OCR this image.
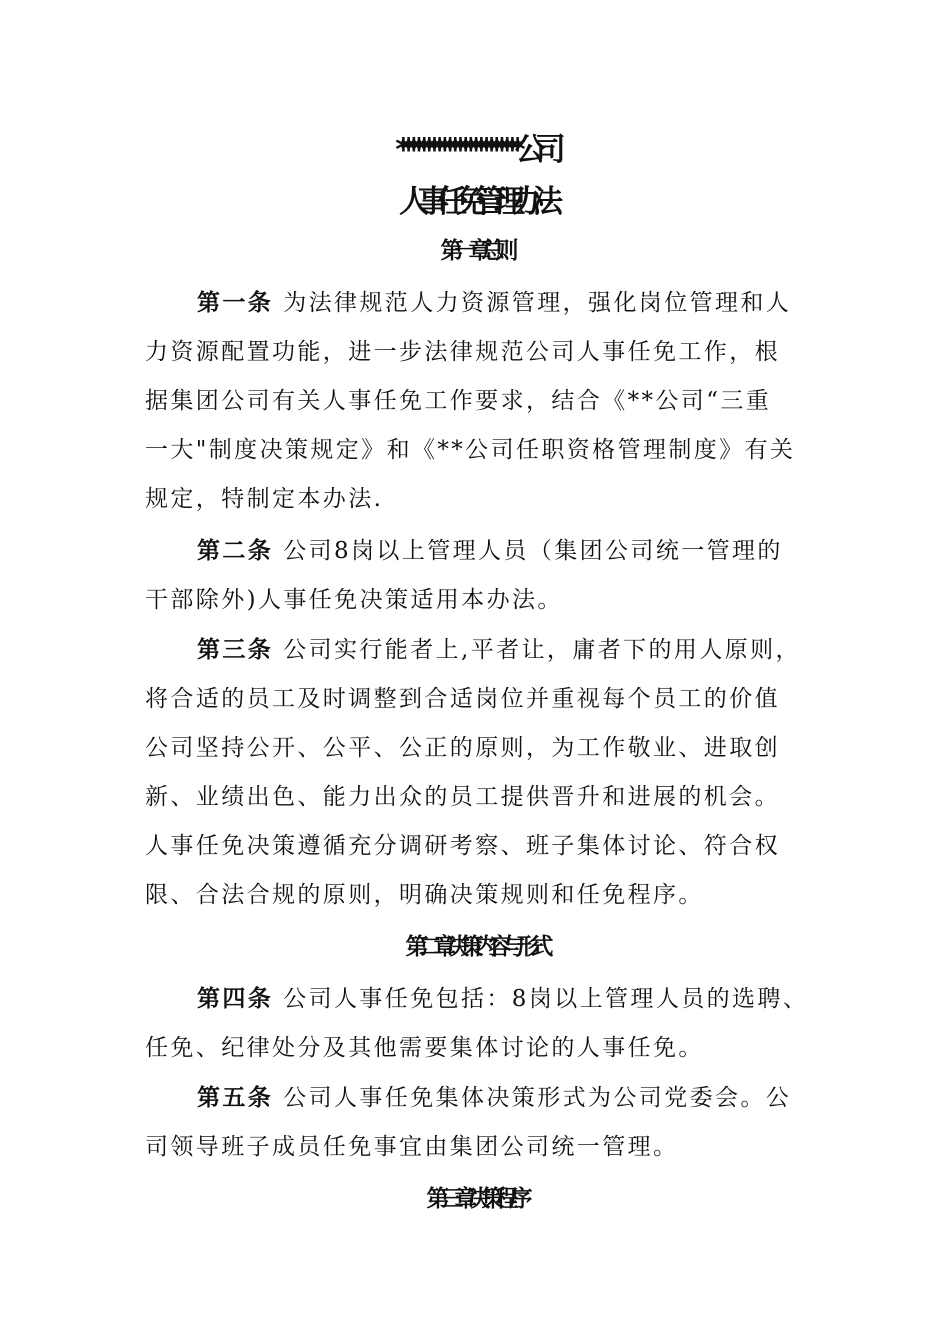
***** ************ ******公司
人事任免管理办法
第一章 总则
第一条 为法律规范人力资源管理，强化岗位管理和人
力资源配置功能，进一步法律规范公司人事任免工作，根
据集团公司有关人事任免工作要求，结合《**公司“三重
一大"制度决策规定》和《**公司任职资格管理制度》有关
规定，特制定本办法.
第二条 公司8岗以上管理人员（集团公司统一管理的
干部除外)人事任免决策适用本办法。
第三条 公司实行能者上,平者让，庸者下的用人原则，
将合适的员工及时调整到合适岗位并重视每个员工的价值
公司坚持公开、公平、公正的原则，为工作敬业、进取创
新、业绩出色、能力出众的员工提供晋升和进展的机会。
人事任免决策遵循充分调研考察、班子集体讨论、符合权
限、合法合规的原则，明确决策规则和任免程序。
第二章 决策内容与形式
第四条 公司人事任免包括：8岗以上管理人员的选聘、
任免、纪律处分及其他需要集体讨论的人事任免。
第五条 公司人事任免集体决策形式为公司党委会。公
司领导班子成员任免事宜由集团公司统一管理。
第三章 决策程序
